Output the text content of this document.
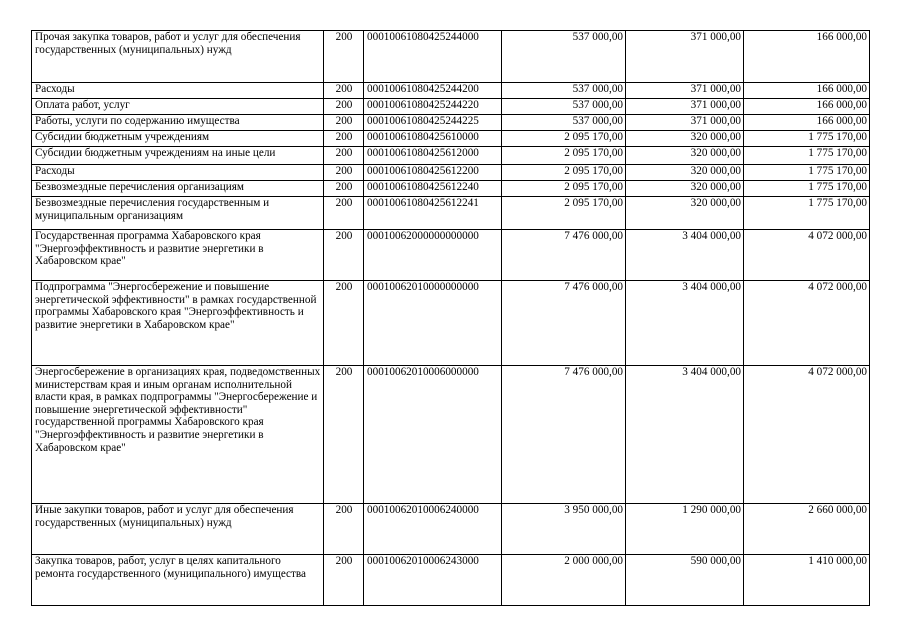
Прочая закупка товаров, работ и услуг для обеспечения государственных (муниципальных) нужд	200	00010061080425244000	537 000,00	371 000,00	166 000,00
Расходы	200	00010061080425244200	537 000,00	371 000,00	166 000,00
Оплата работ, услуг	200	00010061080425244220	537 000,00	371 000,00	166 000,00
Работы, услуги по содержанию имущества	200	00010061080425244225	537 000,00	371 000,00	166 000,00
Субсидии бюджетным учреждениям	200	00010061080425610000	2 095 170,00	320 000,00	1 775 170,00
Субсидии бюджетным учреждениям на иные цели	200	00010061080425612000	2 095 170,00	320 000,00	1 775 170,00
Расходы	200	00010061080425612200	2 095 170,00	320 000,00	1 775 170,00
Безвозмездные перечисления организациям	200	00010061080425612240	2 095 170,00	320 000,00	1 775 170,00
Безвозмездные перечисления государственным и муниципальным организациям	200	00010061080425612241	2 095 170,00	320 000,00	1 775 170,00
Государственная программа Хабаровского края "Энергоэффективность и развитие энергетики в Хабаровском крае"	200	00010062000000000000	7 476 000,00	3 404 000,00	4 072 000,00
Подпрограмма "Энергосбережение и повышение энергетической эффективности" в рамках государственной программы Хабаровского края "Энергоэффективность и развитие энергетики в Хабаровском крае"	200	00010062010000000000	7 476 000,00	3 404 000,00	4 072 000,00
Энергосбережение в организациях края, подведомственных министерствам края и иным органам исполнительной власти края, в рамках подпрограммы "Энергосбережение и повышение энергетической эффективности" государственной программы Хабаровского края "Энергоэффективность и развитие энергетики в Хабаровском крае"	200	00010062010006000000	7 476 000,00	3 404 000,00	4 072 000,00
Иные закупки товаров, работ и услуг для обеспечения государственных (муниципальных) нужд	200	00010062010006240000	3 950 000,00	1 290 000,00	2 660 000,00
Закупка товаров, работ, услуг в целях капитального ремонта государственного (муниципального) имущества	200	00010062010006243000	2 000 000,00	590 000,00	1 410 000,00
